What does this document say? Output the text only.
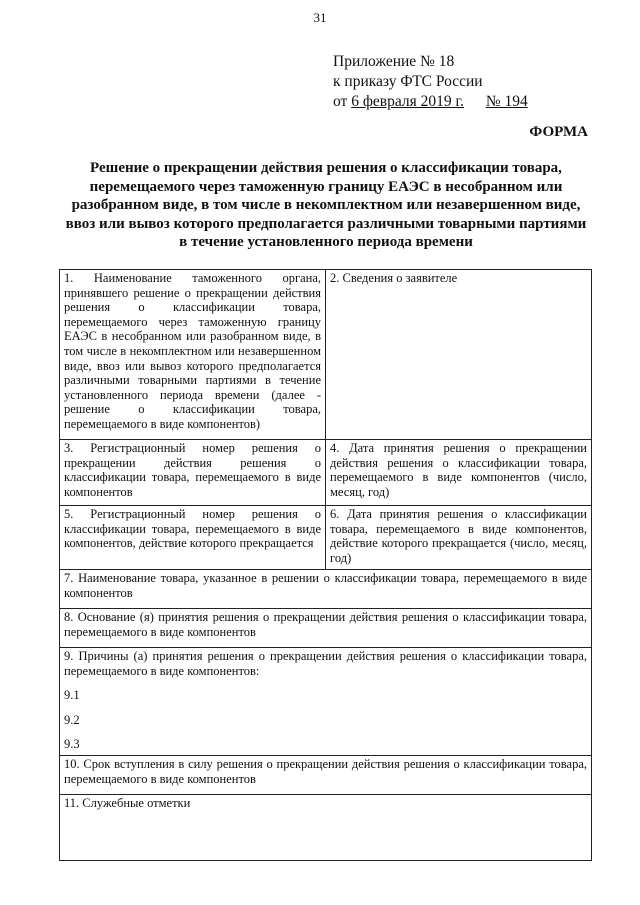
31
Приложение № 18
к приказу ФТС России
от 6 февраля 2019 г. № 194
ФОРМА
Решение о прекращении действия решения о классификации товара, перемещаемого через таможенную границу ЕАЭС в несобранном или разобранном виде, в том числе в некомплектном или незавершенном виде, ввоз или вывоз которого предполагается различными товарными партиями в течение установленного периода времени
1. Наименование таможенного органа, принявшего решение о прекращении действия решения о классификации товара, перемещаемого через таможенную границу ЕАЭС в несобранном или разобранном виде, в том числе в некомплектном или незавершенном виде, ввоз или вывоз которого предполагается различными товарными партиями в течение установленного периода времени (далее - решение о классификации товара, перемещаемого в виде компонентов)	2. Сведения о заявителе
3. Регистрационный номер решения о прекращении действия решения о классификации товара, перемещаемого в виде компонентов	4. Дата принятия решения о прекращении действия решения о классификации товара, перемещаемого в виде компонентов (число, месяц, год)
5. Регистрационный номер решения о классификации товара, перемещаемого в виде компонентов, действие которого прекращается	6. Дата принятия решения о классификации товара, перемещаемого в виде компонентов, действие которого прекращается (число, месяц, год)
7. Наименование товара, указанное в решении о классификации товара, перемещаемого в виде компонентов	
8. Основание (я) принятия решения о прекращении действия решения о классификации товара, перемещаемого в виде компонентов	

9. Причины (а) принятия решения о прекращении действия решения о классификации товара, перемещаемого в виде компонентов:
9.1
9.2
9.3	

10. Срок вступления в силу решения о прекращении действия решения о классификации товара, перемещаемого в виде компонентов	
11. Служебные отметки	
